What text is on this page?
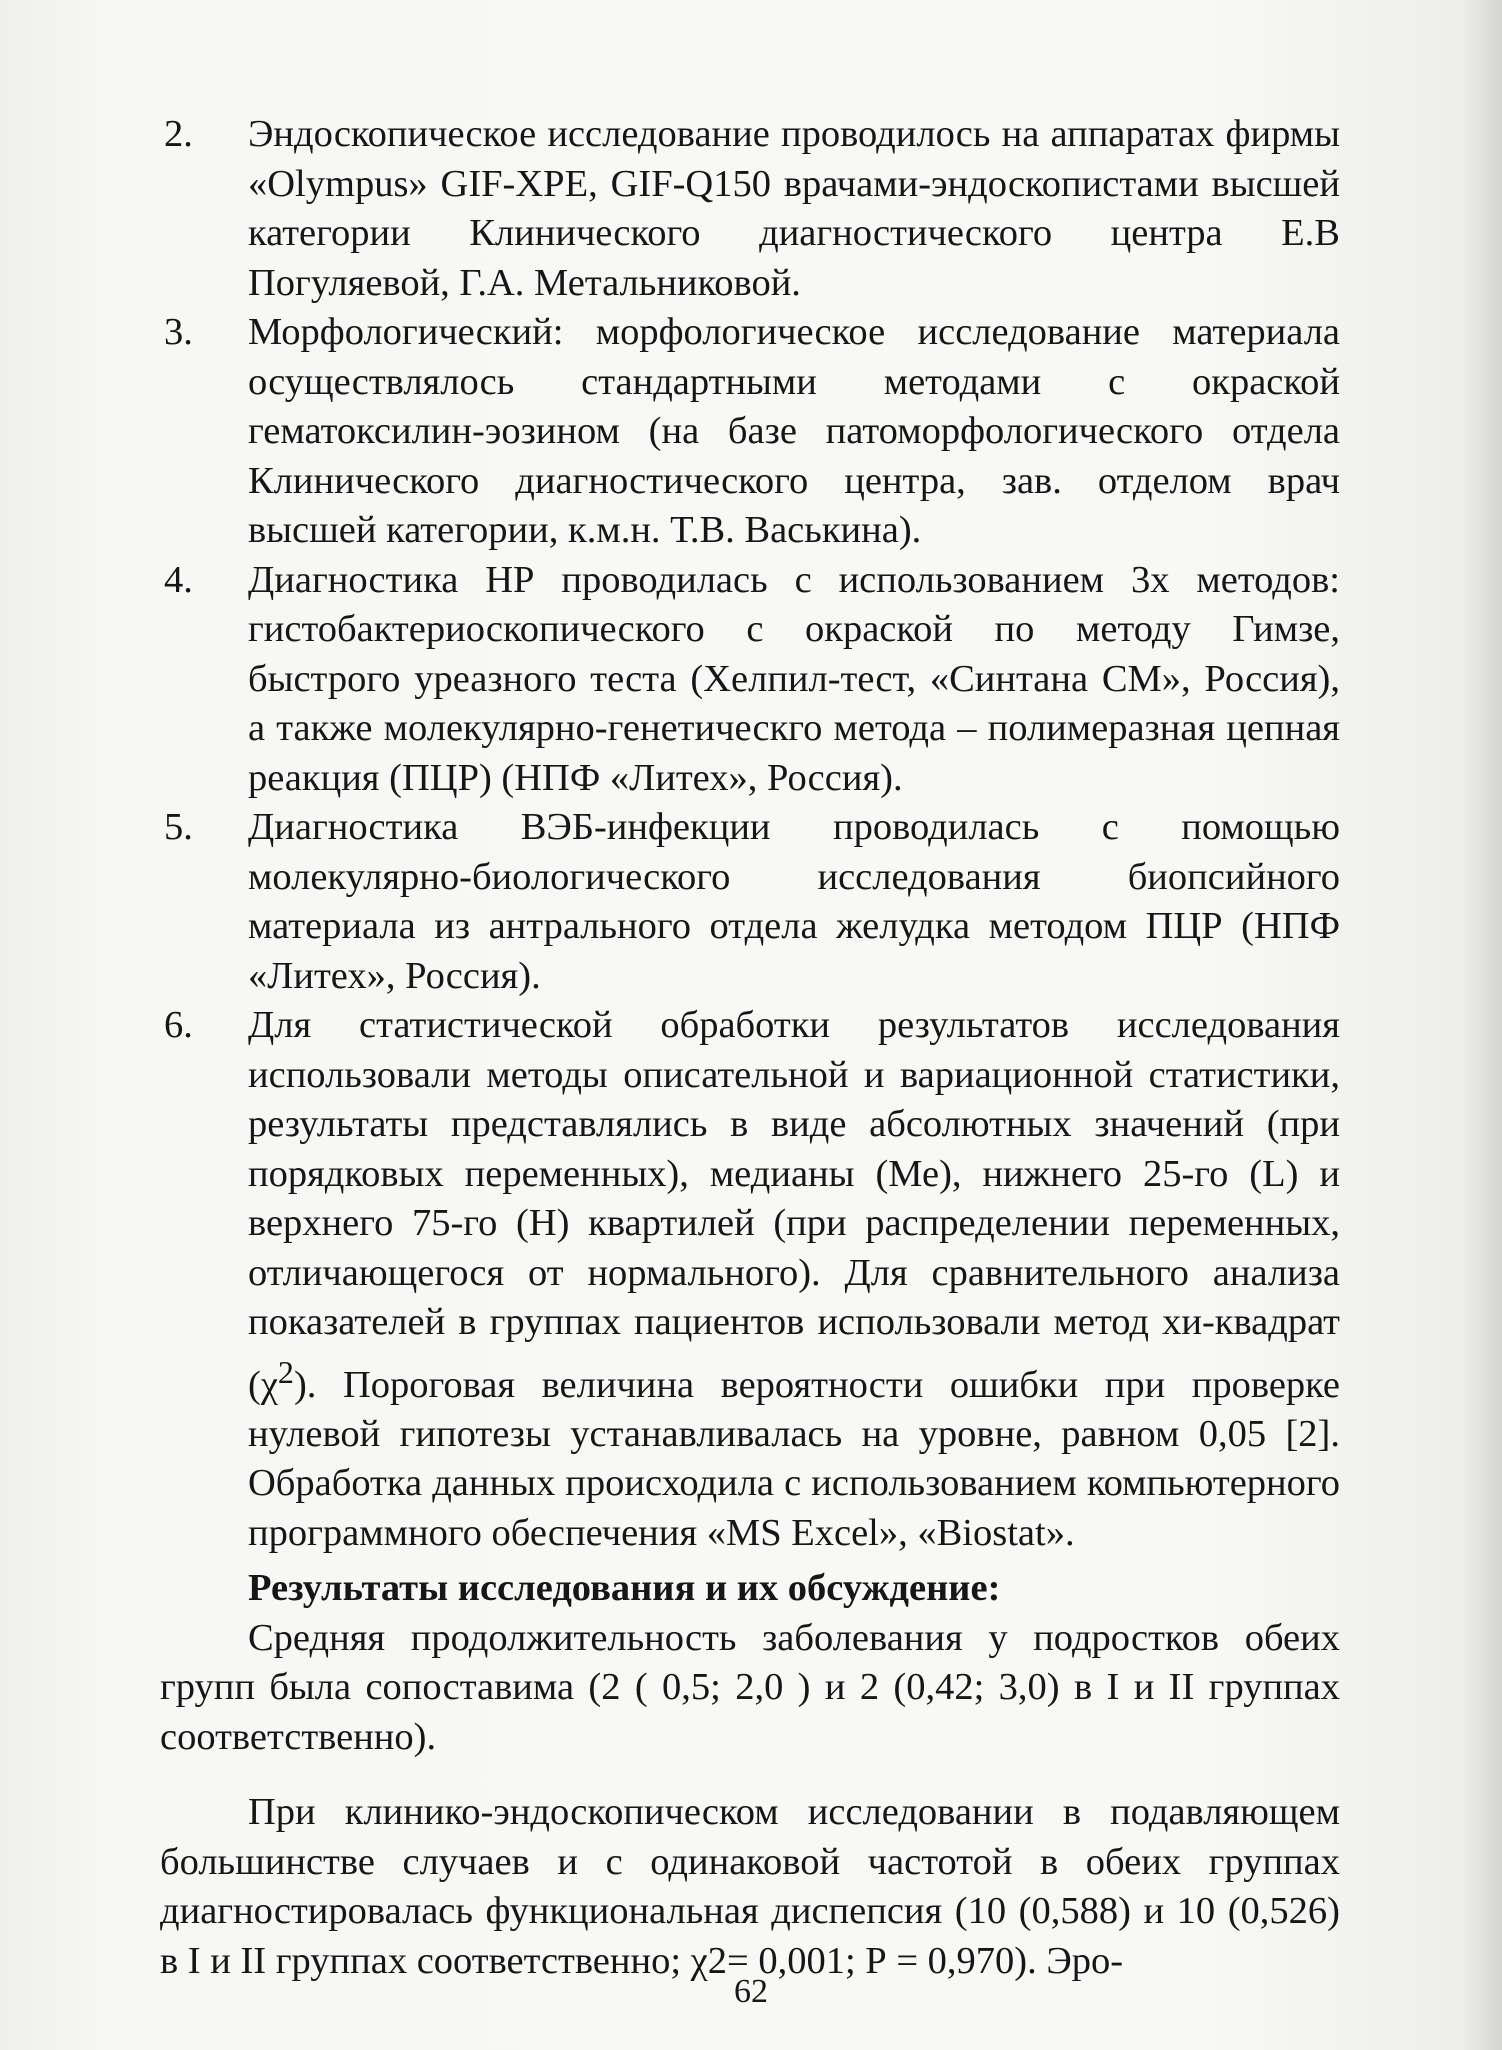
2. Эндоскопическое исследование проводилось на аппаратах фирмы «Olympus» GIF-XPE, GIF-Q150 врачами-эндоскопистами высшей категории Клинического диагностического центра Е.В Погуляевой, Г.А. Метальниковой.
3. Морфологический: морфологическое исследование материала осуществлялось стандартными методами с окраской гематоксилин-эозином (на базе патоморфологического отдела Клинического диагностического центра, зав. отделом врач высшей категории, к.м.н. Т.В. Васькина).
4. Диагностика НР проводилась с использованием 3х методов: гистобактериоскопического с окраской по методу Гимзе, быстрого уреазного теста (Хелпил-тест, «Синтана СМ», Россия), а также молекулярно-генетическго метода – полимеразная цепная реакция (ПЦР) (НПФ «Литех», Россия).
5. Диагностика ВЭБ-инфекции проводилась с помощью молекулярно-биологического исследования биопсийного материала из антрального отдела желудка методом ПЦР (НПФ «Литех», Россия).
6. Для статистической обработки результатов исследования использовали методы описательной и вариационной статистики, результаты представлялись в виде абсолютных значений (при порядковых переменных), медианы (Ме), нижнего 25-го (L) и верхнего 75-го (Н) квартилей (при распределении переменных, отличающегося от нормального). Для сравнительного анализа показателей в группах пациентов использовали метод хи-квадрат $(\chi^2)$. Пороговая величина вероятности ошибки при проверке нулевой гипотезы устанавливалась на уровне, равном 0,05 [2]. Обработка данных происходила с использованием компьютерного программного обеспечения «MS Excel», «Biostat».
Результаты исследования и их обсуждение:

Средняя продолжительность заболевания у подростков обеих групп была сопоставима (2 ( 0,5; 2,0 ) и 2 (0,42; 3,0) в I и II группах соответственно).

При клинико-эндоскопическом исследовании в подавляющем большинстве случаев и с одинаковой частотой в обеих группах диагностировалась функциональная диспепсия (10 (0,588) и 10 (0,526) в I и II группах соответственно; χ2= 0,001; Р = 0,970). Эро-

62
